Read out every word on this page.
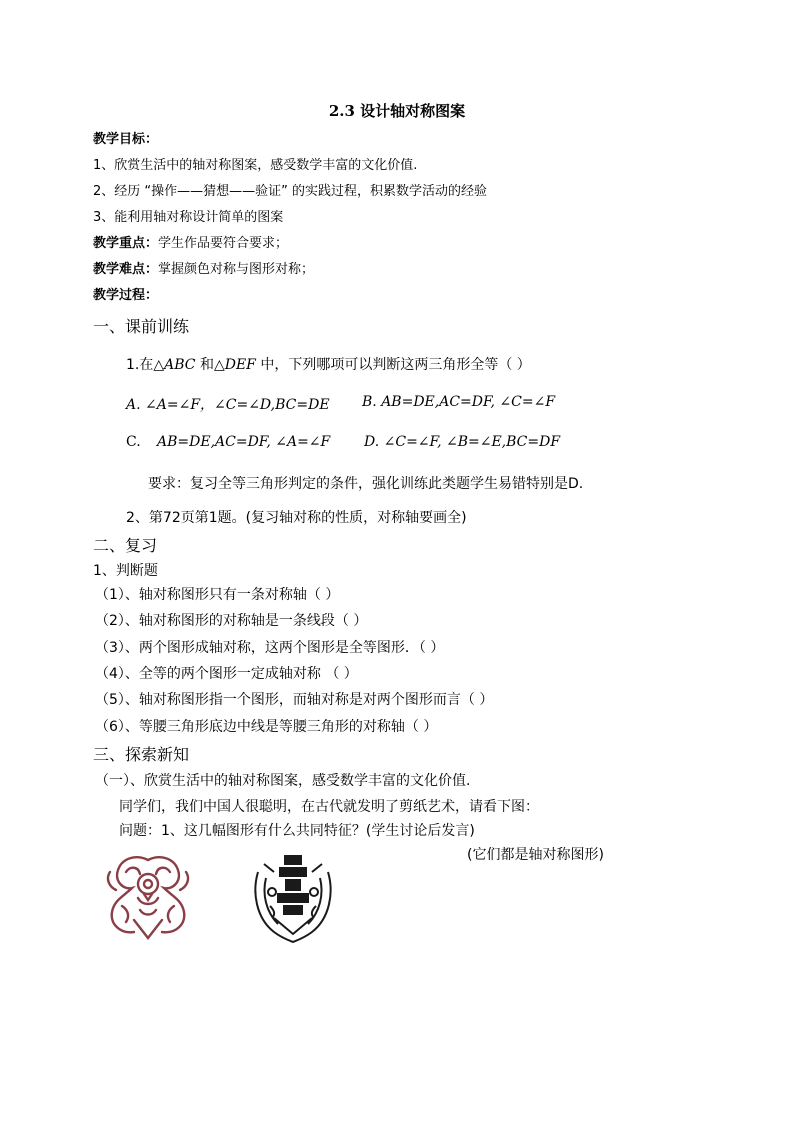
2.3 设计轴对称图案

教学目标：

1、欣赏生活中的轴对称图案，感受数学丰富的文化价值.

2、经历 “操作——猜想——验证” 的实践过程，积累数学活动的经验

3、能利用轴对称设计简单的图案

教学重点：学生作品要符合要求；

教学难点：掌握颜色对称与图形对称；

教学过程：

一、课前训练

1.在△ABC 和△DEF 中，下列哪项可以判断这两三角形全等（ ）

A. ∠A=∠F，∠C=∠D,BC=DE B. AB=DE,AC=DF, ∠C=∠F

C. AB=DE,AC=DF, ∠A=∠F D. ∠C=∠F, ∠B=∠E,BC=DF

要求：复习全等三角形判定的条件，强化训练此类题学生易错特别是D.

2、第72页第1题。(复习轴对称的性质，对称轴要画全)

二、复习

1、判断题

（1）、轴对称图形只有一条对称轴（ ）

（2）、轴对称图形的对称轴是一条线段（ ）

（3）、两个图形成轴对称，这两个图形是全等图形．（ ）

（4）、全等的两个图形一定成轴对称 （ ）

（5）、轴对称图形指一个图形，而轴对称是对两个图形而言（ ）

（6）、等腰三角形底边中线是等腰三角形的对称轴（ ）

三、探索新知

（一）、欣赏生活中的轴对称图案，感受数学丰富的文化价值.

同学们，我们中国人很聪明，在古代就发明了剪纸艺术，请看下图：

问题：1、这几幅图形有什么共同特征？(学生讨论后发言)

(它们都是轴对称图形)
